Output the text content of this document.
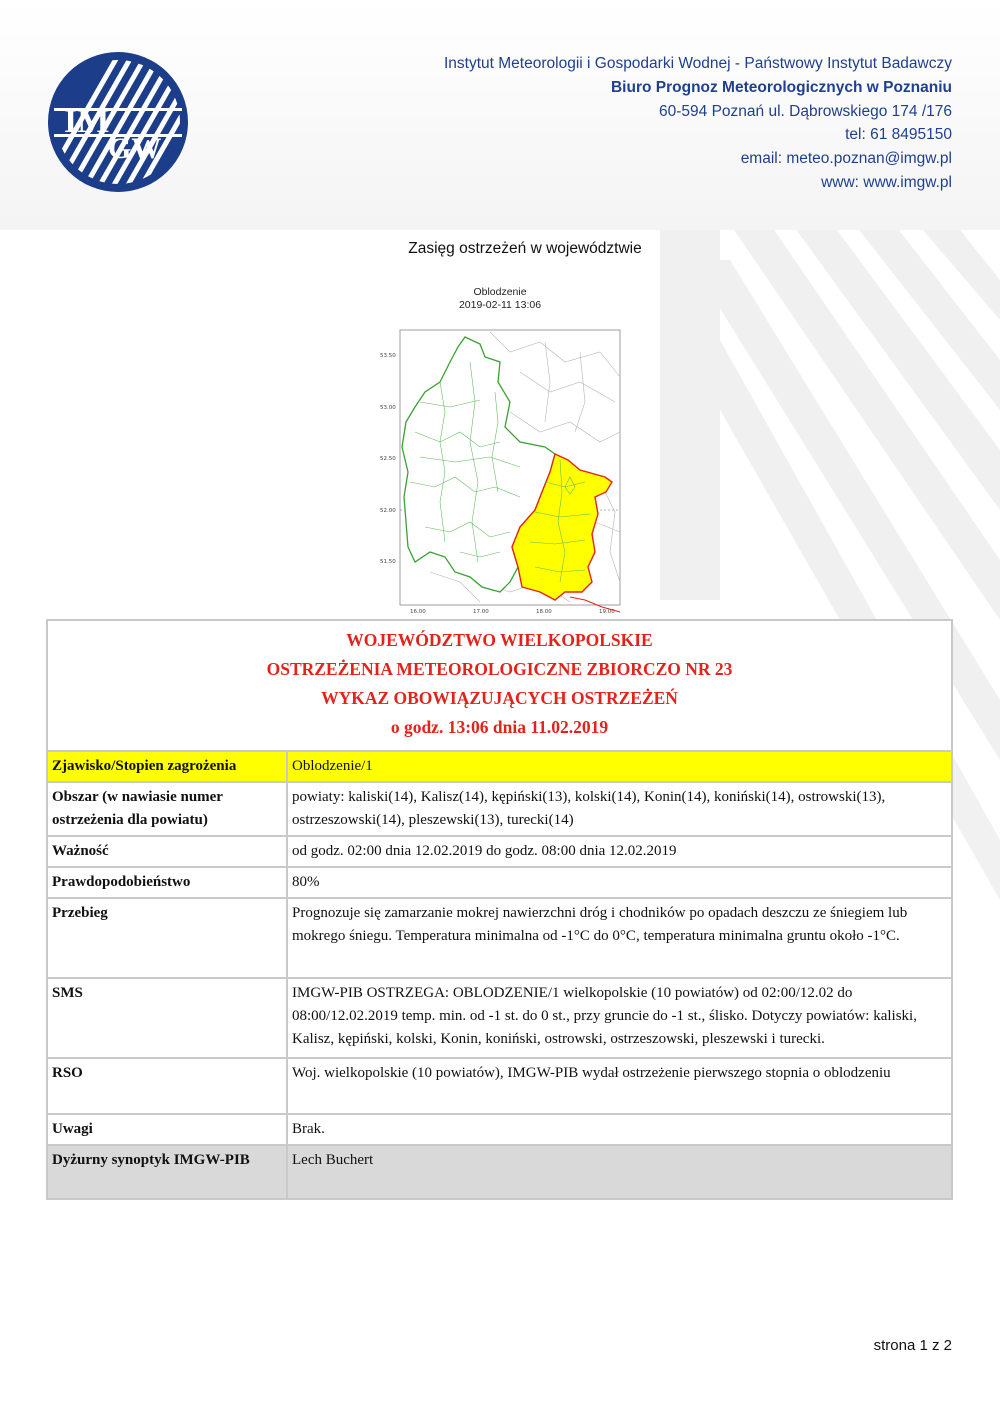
IM
GW
Instytut Meteorologii i Gospodarki Wodnej - Państwowy Instytut Badawczy
Biuro Prognoz Meteorologicznych w Poznaniu
60-594 Poznań ul. Dąbrowskiego 174 /176
tel: 61 8495150
email: meteo.poznan@imgw.pl
www: www.imgw.pl
Zasięg ostrzeżeń w województwie
Oblodzenie
2019-02-11 13:06
53.50
53.00
52.50
52.00
51.50
16.00	17.00	18.00	19.00
WOJEWÓDZTWO WIELKOPOLSKIE
OSTRZEŻENIA METEOROLOGICZNE ZBIORCZO NR 23
WYKAZ OBOWIĄZUJĄCYCH OSTRZEŻEŃ
o godz. 13:06 dnia 11.02.2019	

Zjawisko/Stopien zagrożenia	Oblodzenie/1
Obszar (w nawiasie numer ostrzeżenia dla powiatu)	powiaty: kaliski(14), Kalisz(14), kępiński(13), kolski(14), Konin(14), koniński(14), ostrowski(13), ostrzeszowski(14), pleszewski(13), turecki(14)
Ważność	od godz. 02:00 dnia 12.02.2019 do godz. 08:00 dnia 12.02.2019
Prawdopodobieństwo	80%
Przebieg	Prognozuje się zamarzanie mokrej nawierzchni dróg i chodników po opadach deszczu ze śniegiem lub mokrego śniegu. Temperatura minimalna od -1°C do 0°C, temperatura minimalna gruntu około -1°C.
SMS	IMGW-PIB OSTRZEGA: OBLODZENIE/1 wielkopolskie (10 powiatów) od 02:00/12.02 do 08:00/12.02.2019 temp. min. od -1 st. do 0 st., przy gruncie do -1 st., ślisko. Dotyczy powiatów: kaliski, Kalisz, kępiński, kolski, Konin, koniński, ostrowski, ostrzeszowski, pleszewski i turecki.
RSO	Woj. wielkopolskie (10 powiatów), IMGW-PIB wydał ostrzeżenie pierwszego stopnia o oblodzeniu
Uwagi	Brak.
Dyżurny synoptyk IMGW-PIB	Lech Buchert
strona 1 z 2
